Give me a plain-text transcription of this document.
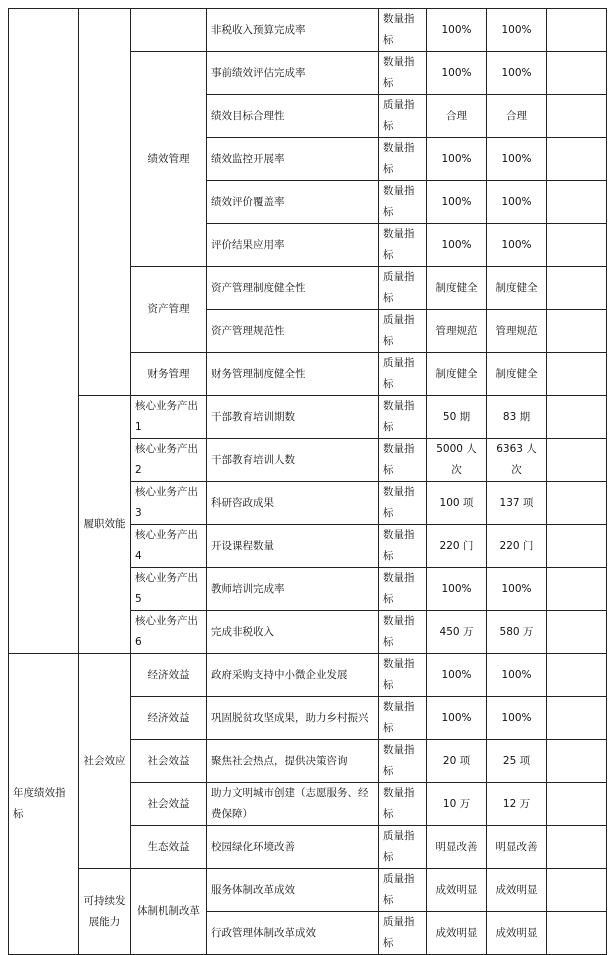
			非税收入预算完成率	数量指标	100%	100%	
		绩效管理	事前绩效评估完成率	数量指标	100%	100%	
			绩效目标合理性	质量指标	合理	合理	
			绩效监控开展率	数量指标	100%	100%	
			绩效评价覆盖率	数量指标	100%	100%	
			评价结果应用率	数量指标	100%	100%	
		资产管理	资产管理制度健全性	质量指标	制度健全	制度健全	
			资产管理规范性	质量指标	管理规范	管理规范	
		财务管理	财务管理制度健全性	质量指标	制度健全	制度健全	
	履职效能	核心业务产出 1	干部教育培训期数	数量指标	50 期	83 期	
		核心业务产出 2	干部教育培训人数	数量指标	5000 人次	6363 人次	
		核心业务产出 3	科研咨政成果	数量指标	100 项	137 项	
		核心业务产出 4	开设课程数量	数量指标	220 门	220 门	
		核心业务产出 5	教师培训完成率	数量指标	100%	100%	
		核心业务产出 6	完成非税收入	数量指标	450 万	580 万	
年度绩效指标	社会效应	经济效益	政府采购支持中小微企业发展	数量指标	100%	100%	
		经济效益	巩固脱贫攻坚成果，助力乡村振兴	数量指标	100%	100%	
		社会效益	聚焦社会热点，提供决策咨询	数量指标	20 项	25 项	
		社会效益	助力文明城市创建（志愿服务、经费保障）	数量指标	10 万	12 万	
		生态效益	校园绿化环境改善	质量指标	明显改善	明显改善	
	可持续发展能力	体制机制改革	服务体制改革成效	质量指标	成效明显	成效明显	
			行政管理体制改革成效	质量指标	成效明显	成效明显	
